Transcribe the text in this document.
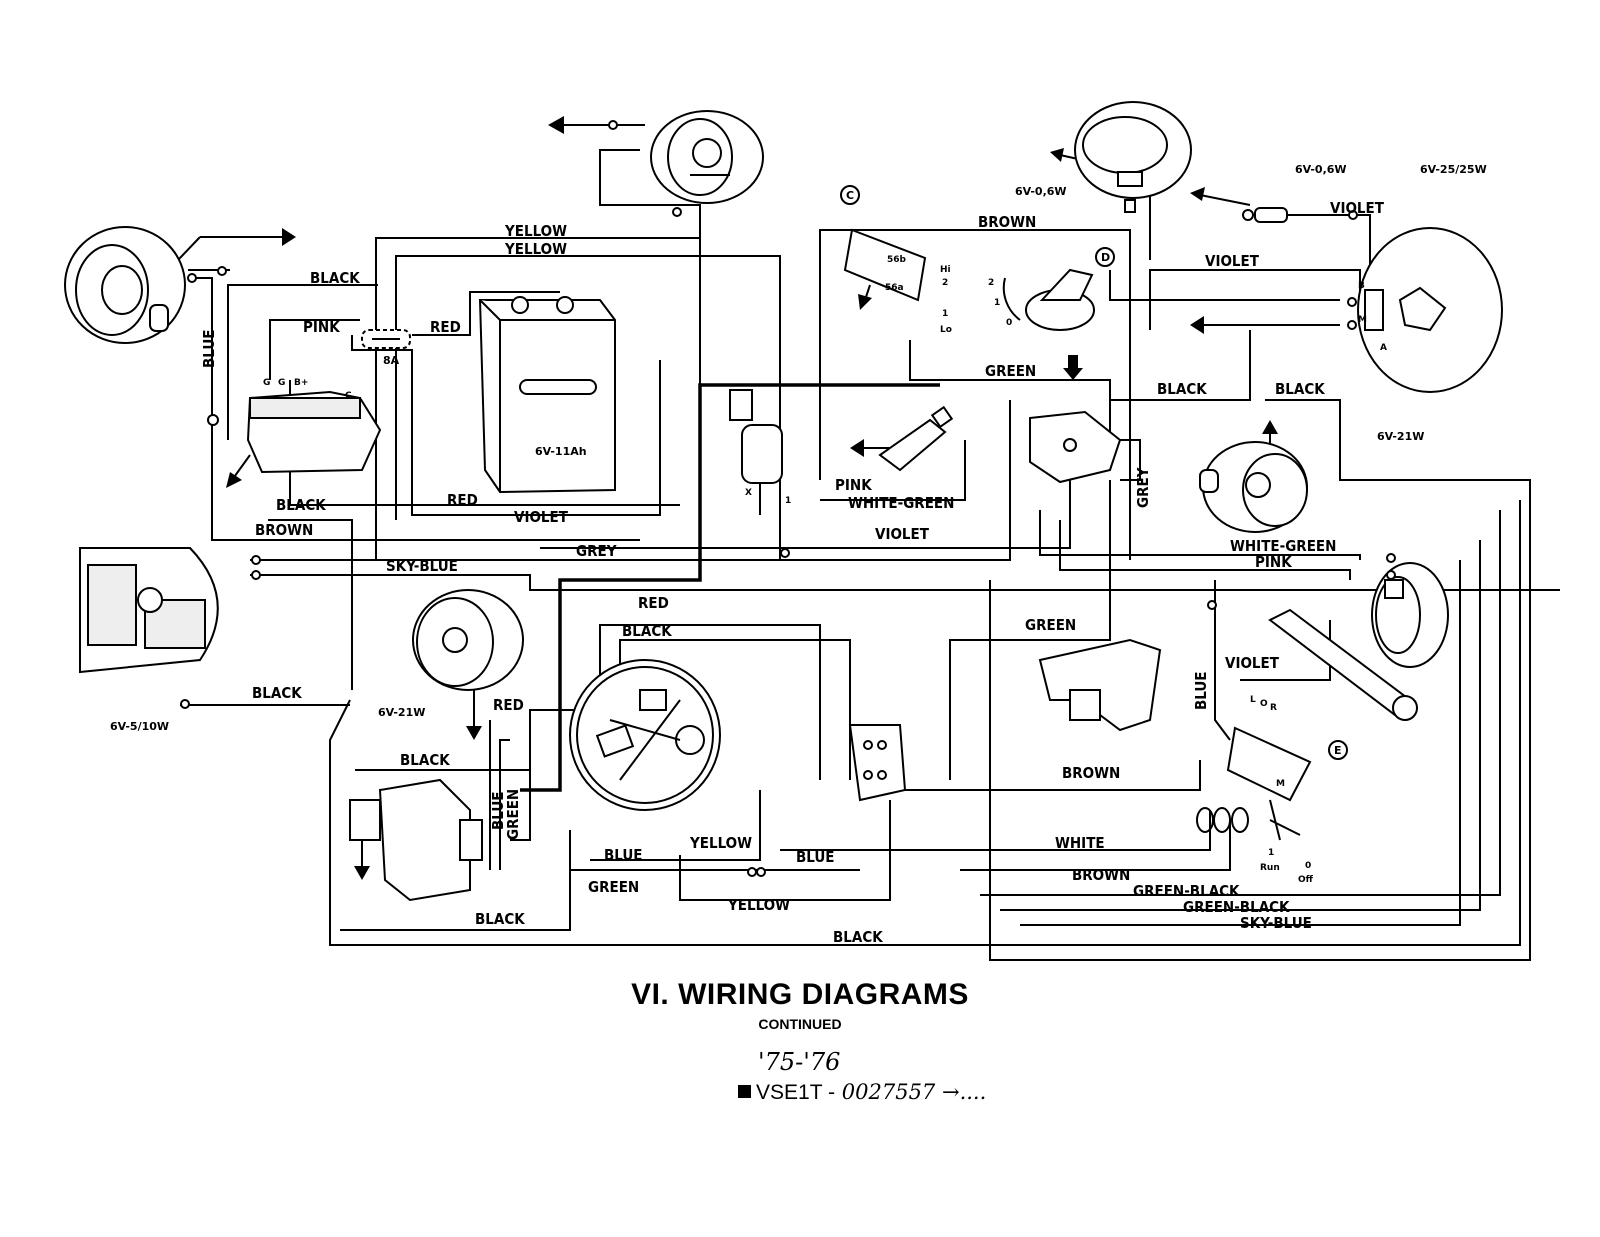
6V-0,6W
6V-0,6W	6V-25/25W
6V-11Ah
8A
6V-5/10W
6V-21W
6V-21W
C
D
E
G G B+
C
56b
56a
Hi
2
1
Lo
2
1
0
B
M
A
L O R
M
1
0
Run
Off
X
1
YELLOW
YELLOW
BLACK
PINK	RED
BLUE
BROWN
VIOLET
VIOLET
GREEN
BLACK	BLACK
PINK
WHITE-GREEN	GREY
BLACK
BROWN
RED
VIOLET
GREY
VIOLET
SKY-BLUE
WHITE-GREEN
PINK
RED
BLACK	GREEN
BLACK
RED
BLACK
GREEN
BLUE
BLUE
VIOLET
BROWN
YELLOW
BLUE	BLUE
WHITE
BROWN
GREEN	GREEN-BLACK
GREEN-BLACK
YELLOW
BLACK	SKY-BLUE
BLACK
VI. WIRING DIAGRAMS
CONTINUED
'75-'76
VSE1T - 0027557 →....
